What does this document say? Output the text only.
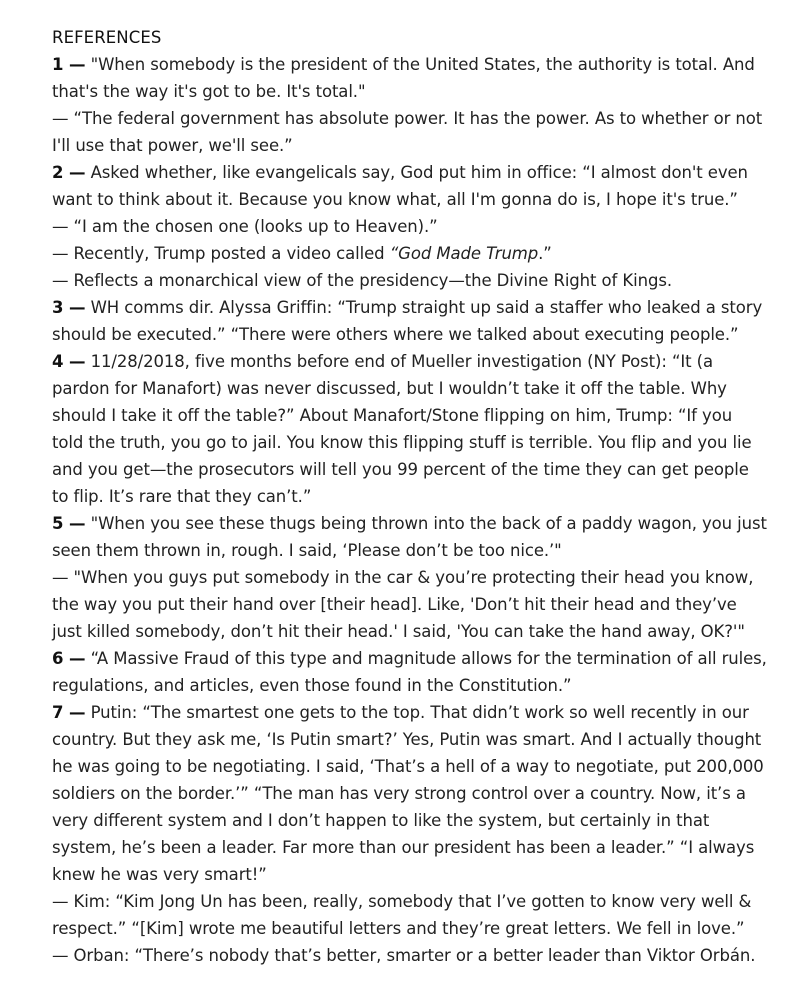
REFERENCES
1 — "When somebody is the president of the United States, the authority is total. And that's the way it's got to be. It's total."
— “The federal government has absolute power. It has the power. As to whether or not I'll use that power, we'll see.”
2 — Asked whether, like evangelicals say, God put him in office: “I almost don't even want to think about it. Because you know what, all I'm gonna do is, I hope it's true.”
— “I am the chosen one (looks up to Heaven).”
— Recently, Trump posted a video called “God Made Trump.”
— Reflects a monarchical view of the presidency—the Divine Right of Kings.
3 — WH comms dir. Alyssa Griffin: “Trump straight up said a staffer who leaked a story should be executed.” “There were others where we talked about executing people.”
4 — 11/28/2018, five months before end of Mueller investigation (NY Post): “It (a pardon for Manafort) was never discussed, but I wouldn’t take it off the table. Why should I take it off the table?” About Manafort/Stone flipping on him, Trump: “If you told the truth, you go to jail. You know this flipping stuff is terrible. You flip and you lie and you get—the prosecutors will tell you 99 percent of the time they can get people to flip. It’s rare that they can’t.”
5 — "When you see these thugs being thrown into the back of a paddy wagon, you just seen them thrown in, rough. I said, ‘Please don’t be too nice.’"
— "When you guys put somebody in the car & you’re protecting their head you know, the way you put their hand over [their head]. Like, 'Don’t hit their head and they’ve just killed somebody, don’t hit their head.' I said, 'You can take the hand away, OK?'"
6 — “A Massive Fraud of this type and magnitude allows for the termination of all rules, regulations, and articles, even those found in the Constitution.”
7 — Putin: “The smartest one gets to the top. That didn’t work so well recently in our country. But they ask me, ‘Is Putin smart?’ Yes, Putin was smart. And I actually thought he was going to be negotiating. I said, ‘That’s a hell of a way to negotiate, put 200,000 soldiers on the border.’” “The man has very strong control over a country. Now, it’s a very different system and I don’t happen to like the system, but certainly in that system, he’s been a leader. Far more than our president has been a leader.” “I always knew he was very smart!”
— Kim: “Kim Jong Un has been, really, somebody that I’ve gotten to know very well & respect.” “[Kim] wrote me beautiful letters and they’re great letters. We fell in love.”
— Orban: “There’s nobody that’s better, smarter or a better leader than Viktor Orbán.
